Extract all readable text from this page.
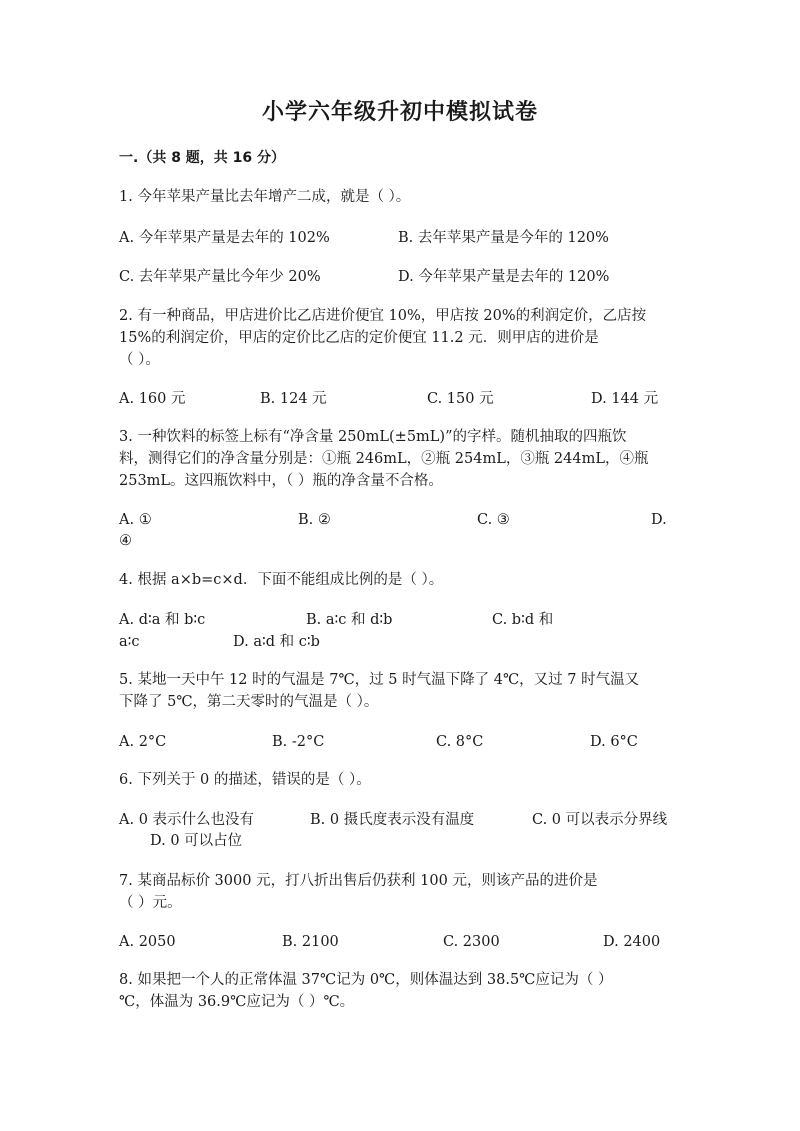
小学六年级升初中模拟试卷
一.（共 8 题，共 16 分）
1. 今年苹果产量比去年增产二成，就是（ ）。
A. 今年苹果产量是去年的 102%	B. 去年苹果产量是今年的 120%
C. 去年苹果产量比今年少 20%	D. 今年苹果产量是去年的 120%
2. 有一种商品，甲店进价比乙店进价便宜 10%，甲店按 20%的利润定价，乙店按
15%的利润定价，甲店的定价比乙店的定价便宜 11.2 元．则甲店的进价是
（ ）。
A. 160 元	B. 124 元	C. 150 元	D. 144 元
3. 一种饮料的标签上标有“净含量 250mL(±5mL)”的字样。随机抽取的四瓶饮
料，测得它们的净含量分别是：①瓶 246mL，②瓶 254mL，③瓶 244mL，④瓶
253mL。这四瓶饮料中，（ ）瓶的净含量不合格。
A. ①	B. ②	C. ③	D.
④
4. 根据 a×b=c×d．下面不能组成比例的是（ ）。
A. d∶a 和 b∶c	B. a∶c 和 d∶b	C. b∶d 和
a∶c	D. a∶d 和 c∶b
5. 某地一天中午 12 时的气温是 7℃，过 5 时气温下降了 4℃，又过 7 时气温又
下降了 5℃，第二天零时的气温是（ ）。
A. 2°C	B. -2°C	C. 8°C	D. 6°C
6. 下列关于 0 的描述，错误的是（ ）。
A. 0 表示什么也没有	B. 0 摄氏度表示没有温度	C. 0 可以表示分界线
D. 0 可以占位
7. 某商品标价 3000 元，打八折出售后仍获利 100 元，则该产品的进价是
（ ）元。
A. 2050	B. 2100	C. 2300	D. 2400
8. 如果把一个人的正常体温 37℃记为 0℃，则体温达到 38.5℃应记为（ ）
℃，体温为 36.9℃应记为（ ）℃。
